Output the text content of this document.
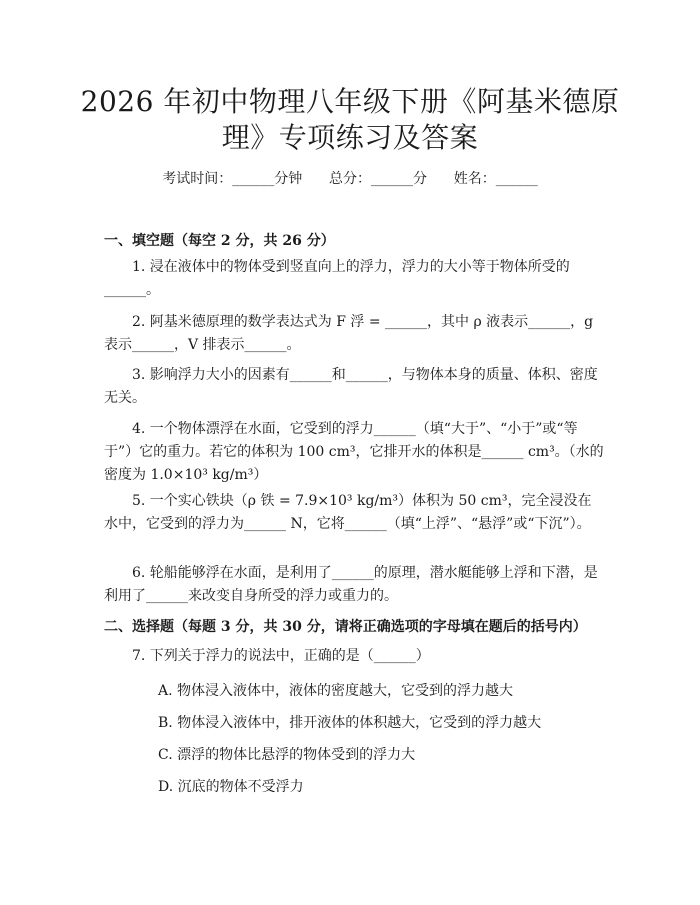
2026 年初中物理八年级下册《阿基米德原
理》专项练习及答案
考试时间：______分钟      总分：______分      姓名：______
一、填空题（每空 2 分，共 26 分）

1. 浸在液体中的物体受到竖直向上的浮力，浮力的大小等于物体所受的______。

2. 阿基米德原理的数学表达式为 F 浮 = ______，其中 ρ 液表示______，g 表示______，V 排表示______。

3. 影响浮力大小的因素有______和______，与物体本身的质量、体积、密度无关。

4. 一个物体漂浮在水面，它受到的浮力______（填“大于”、“小于”或“等于”）它的重力。若它的体积为 100 cm³，它排开水的体积是______ cm³。（水的密度为 1.0×10³ kg/m³）

5. 一个实心铁块（ρ 铁 = 7.9×10³ kg/m³）体积为 50 cm³，完全浸没在水中，它受到的浮力为______ N，它将______（填“上浮”、“悬浮”或“下沉”）。

6. 轮船能够浮在水面，是利用了______的原理，潜水艇能够上浮和下潜，是利用了______来改变自身所受的浮力或重力的。

二、选择题（每题 3 分，共 30 分，请将正确选项的字母填在题后的括号内）

7. 下列关于浮力的说法中，正确的是（______）

A. 物体浸入液体中，液体的密度越大，它受到的浮力越大
B. 物体浸入液体中，排开液体的体积越大，它受到的浮力越大
C. 漂浮的物体比悬浮的物体受到的浮力大
D. 沉底的物体不受浮力
